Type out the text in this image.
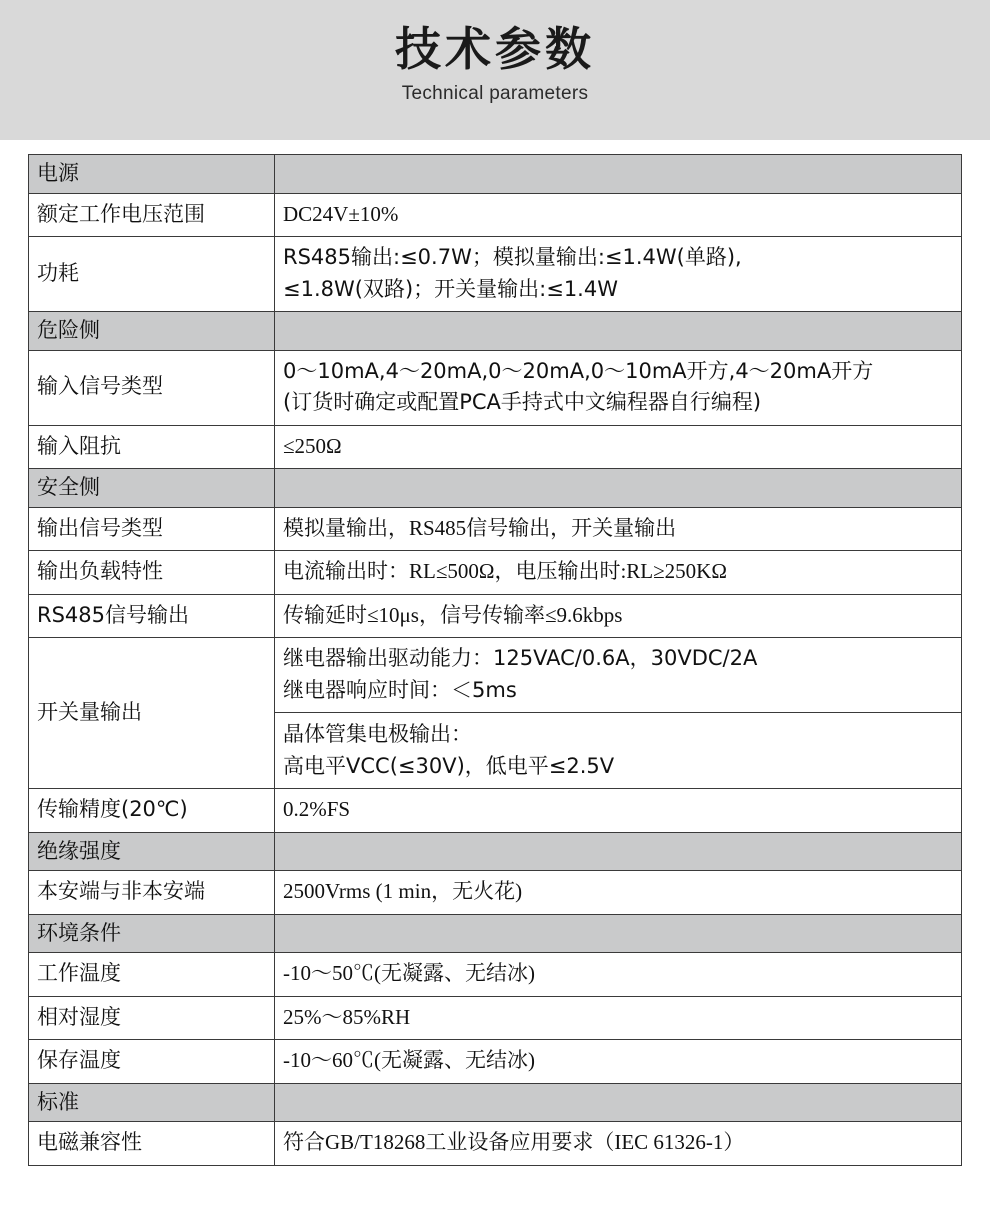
技术参数
Technical parameters
电源	
额定工作电压范围	DC24V±10%
功耗	RS485输出:≤0.7W；模拟量输出:≤1.4W(单路),
≤1.8W(双路)；开关量输出:≤1.4W

危险侧	
输入信号类型	0～10mA,4～20mA,0～20mA,0～10mA开方,4～20mA开方
(订货时确定或配置PCA手持式中文编程器自行编程)

输入阻抗	≤250Ω
安全侧	
输出信号类型	模拟量输出，RS485信号输出，开关量输出
输出负载特性	电流输出时：RL≤500Ω，电压输出时:RL≥250KΩ
RS485信号输出	传输延时≤10μs，信号传输率≤9.6kbps
开关量输出	继电器输出驱动能力：125VAC/0.6A，30VDC/2A
继电器响应时间：＜5ms
晶体管集电极输出：
高电平VCC(≤30V)，低电平≤2.5V

传输精度(20℃)	0.2%FS
绝缘强度	
本安端与非本安端	2500Vrms (1 min，无火花)
环境条件	
工作温度	-10～50℃(无凝露、无结冰)
相对湿度	25%～85%RH
保存温度	-10～60℃(无凝露、无结冰)
标准	
电磁兼容性	符合GB/T18268工业设备应用要求（IEC 61326-1）
